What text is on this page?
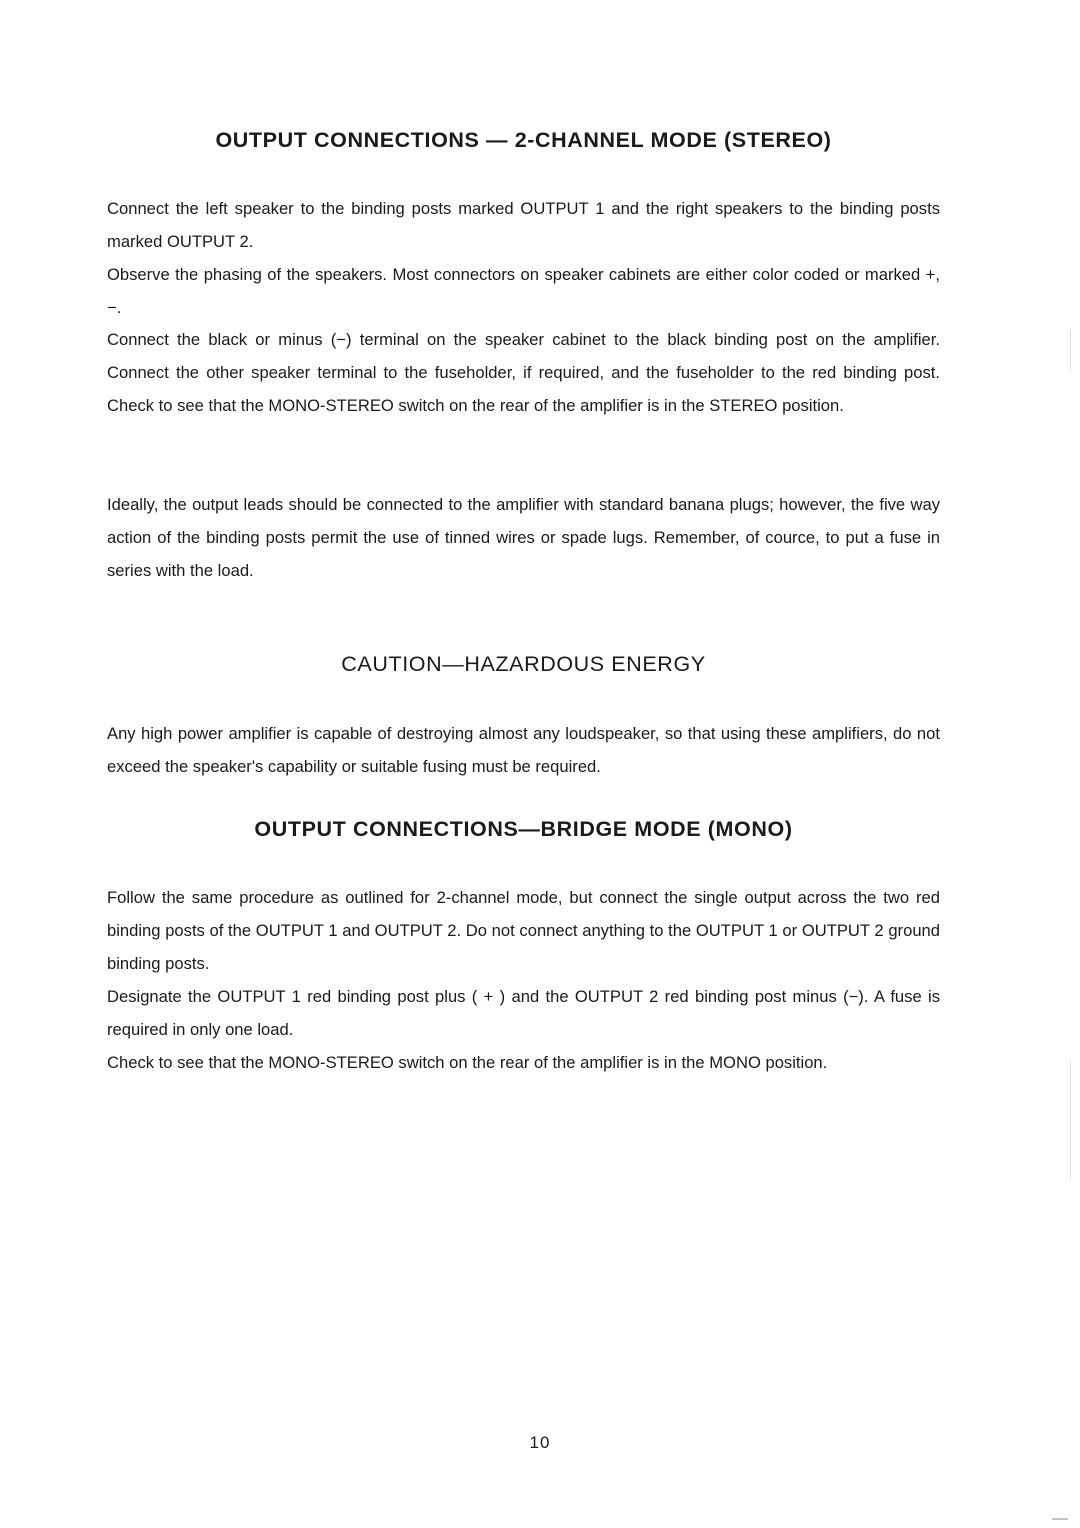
OUTPUT CONNECTIONS — 2-CHANNEL MODE (STEREO)

Connect the left speaker to the binding posts marked OUTPUT 1 and the right speakers to the binding posts marked OUTPUT 2.

Observe the phasing of the speakers. Most connectors on speaker cabinets are either color coded or marked +, −.

Connect the black or minus (−) terminal on the speaker cabinet to the black binding post on the amplifier. Connect the other speaker terminal to the fuseholder, if required, and the fuseholder to the red binding post. Check to see that the MONO-STEREO switch on the rear of the amplifier is in the STEREO position.

Ideally, the output leads should be connected to the amplifier with standard banana plugs; however, the five way action of the binding posts permit the use of tinned wires or spade lugs. Remember, of cource, to put a fuse in series with the load.

CAUTION—HAZARDOUS ENERGY

Any high power amplifier is capable of destroying almost any loudspeaker, so that using these amplifiers, do not exceed the speaker's capability or suitable fusing must be required.

OUTPUT CONNECTIONS—BRIDGE MODE (MONO)

Follow the same procedure as outlined for 2-channel mode, but connect the single output across the two red binding posts of the OUTPUT 1 and OUTPUT 2. Do not connect anything to the OUTPUT 1 or OUTPUT 2 ground binding posts.

Designate the OUTPUT 1 red binding post plus ( + ) and the OUTPUT 2 red binding post minus (−). A fuse is required in only one load.

Check to see that the MONO-STEREO switch on the rear of the amplifier is in the MONO position.

10
